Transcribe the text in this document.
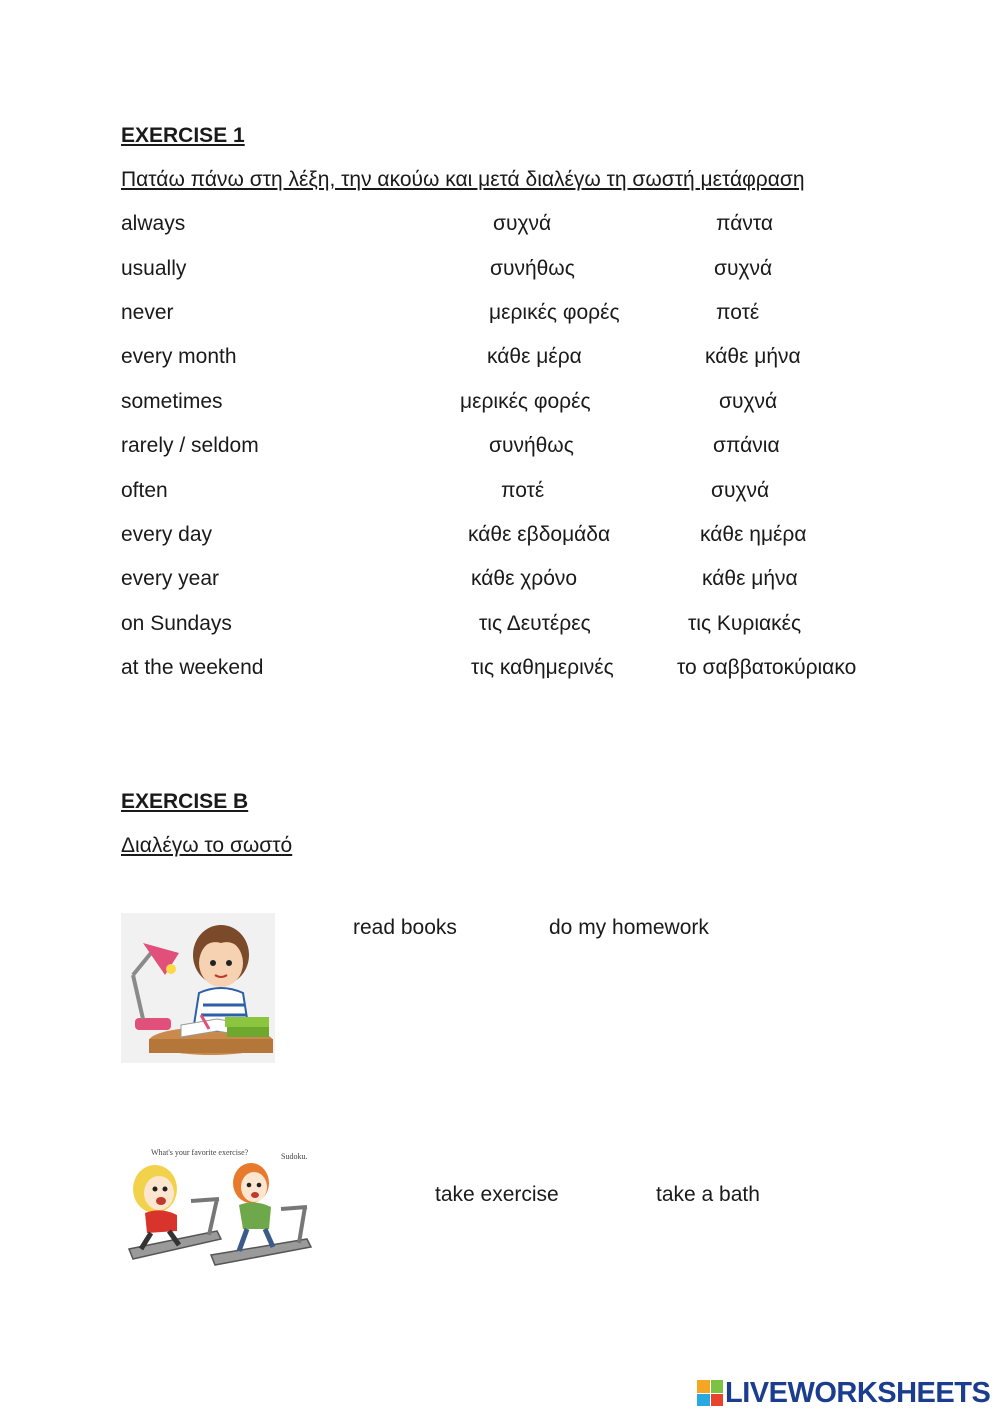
EXERCISE 1
Πατάω πάνω στη λέξη, την ακούω και μετά διαλέγω τη σωστή μετάφραση
always	συχνά	πάντα
usually	συνήθως	συχνά
never	μερικές φορές	ποτέ
every month	κάθε μέρα	κάθε μήνα
sometimes	μερικές φορές	συχνά
rarely / seldom	συνήθως	σπάνια
often	ποτέ	συχνά
every day	κάθε εβδομάδα	κάθε ημέρα
every year	κάθε χρόνο	κάθε μήνα
on Sundays	τις Δευτέρες	τις Κυριακές
at the weekend	τις καθημερινές	το σαββατοκύριακο
EXERCISE B
Διαλέγω το σωστό
read books	do my homework
What's your favorite exercise?	Sudoku.
take exercise	take a bath
LIVEWORKSHEETS
